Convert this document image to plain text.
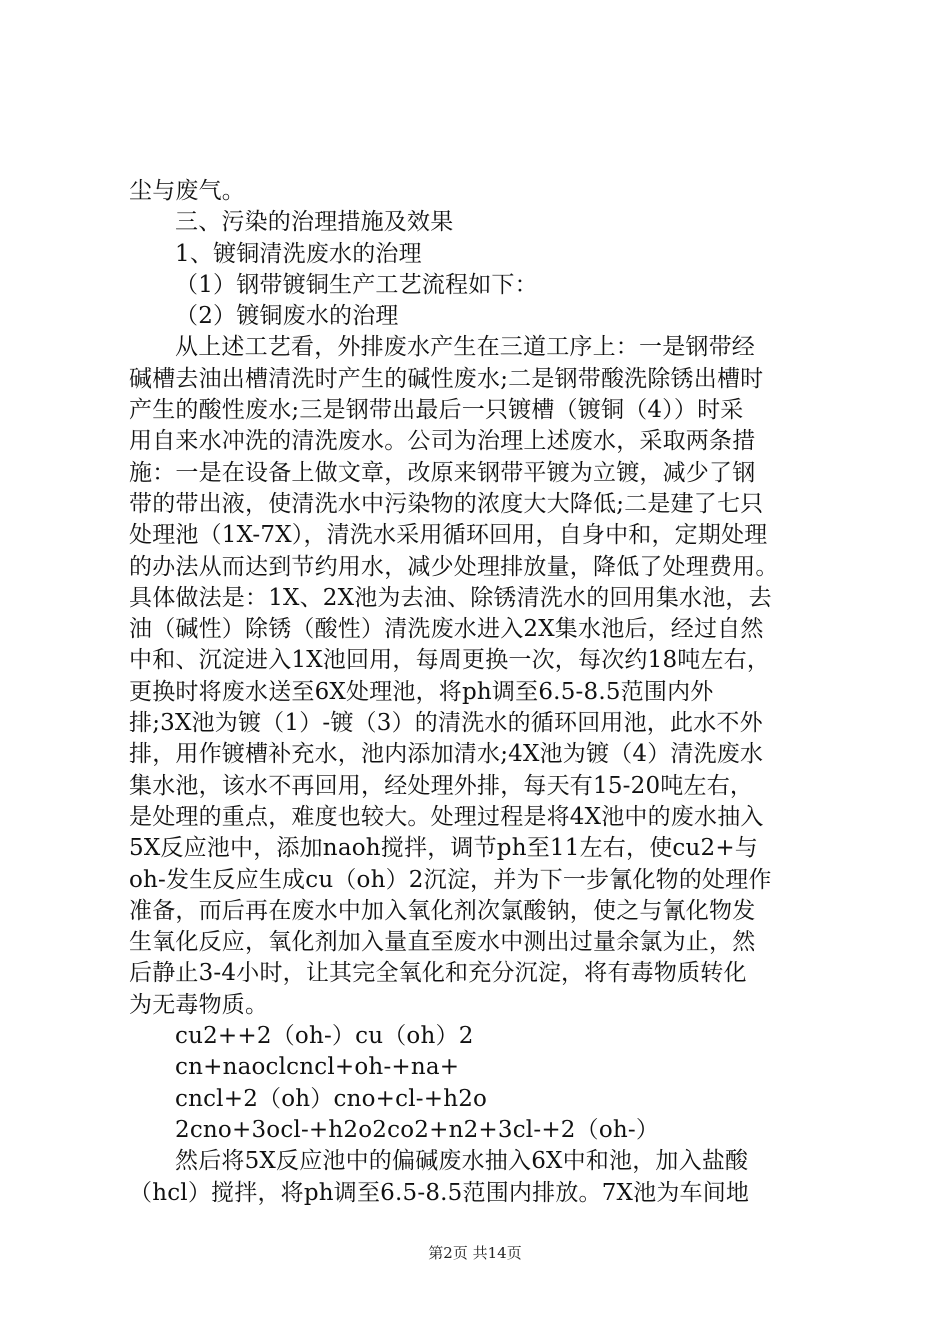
尘与废气。
三、污染的治理措施及效果
1、镀铜清洗废水的治理
（1）钢带镀铜生产工艺流程如下：
（2）镀铜废水的治理
从上述工艺看，外排废水产生在三道工序上：一是钢带经
碱槽去油出槽清洗时产生的碱性废水;二是钢带酸洗除锈出槽时
产生的酸性废水;三是钢带出最后一只镀槽（镀铜（4））时采
用自来水冲洗的清洗废水。公司为治理上述废水，采取两条措
施：一是在设备上做文章，改原来钢带平镀为立镀，减少了钢
带的带出液，使清洗水中污染物的浓度大大降低;二是建了七只
处理池（1X-7X），清洗水采用循环回用，自身中和，定期处理
的办法从而达到节约用水，减少处理排放量，降低了处理费用。
具体做法是：1X、2X池为去油、除锈清洗水的回用集水池，去
油（碱性）除锈（酸性）清洗废水进入2X集水池后，经过自然
中和、沉淀进入1X池回用，每周更换一次，每次约18吨左右，
更换时将废水送至6X处理池，将ph调至6.5-8.5范围内外
排;3X池为镀（1）-镀（3）的清洗水的循环回用池，此水不外
排，用作镀槽补充水，池内添加清水;4X池为镀（4）清洗废水
集水池，该水不再回用，经处理外排，每天有15-20吨左右，
是处理的重点，难度也较大。处理过程是将4X池中的废水抽入
5X反应池中，添加naoh搅拌，调节ph至11左右，使cu2+与
oh-发生反应生成cu（oh）2沉淀，并为下一步氰化物的处理作
准备，而后再在废水中加入氧化剂次氯酸钠，使之与氰化物发
生氧化反应，氧化剂加入量直至废水中测出过量余氯为止，然
后静止3-4小时，让其完全氧化和充分沉淀，将有毒物质转化
为无毒物质。
cu2++2（oh-）cu（oh）2
cn+naoclcncl+oh-+na+
cncl+2（oh）cno+cl-+h2o
2cno+3ocl-+h2o2co2+n2+3cl-+2（oh-）
然后将5X反应池中的偏碱废水抽入6X中和池，加入盐酸
（hcl）搅拌，将ph调至6.5-8.5范围内排放。7X池为车间地
第2页 共14页
